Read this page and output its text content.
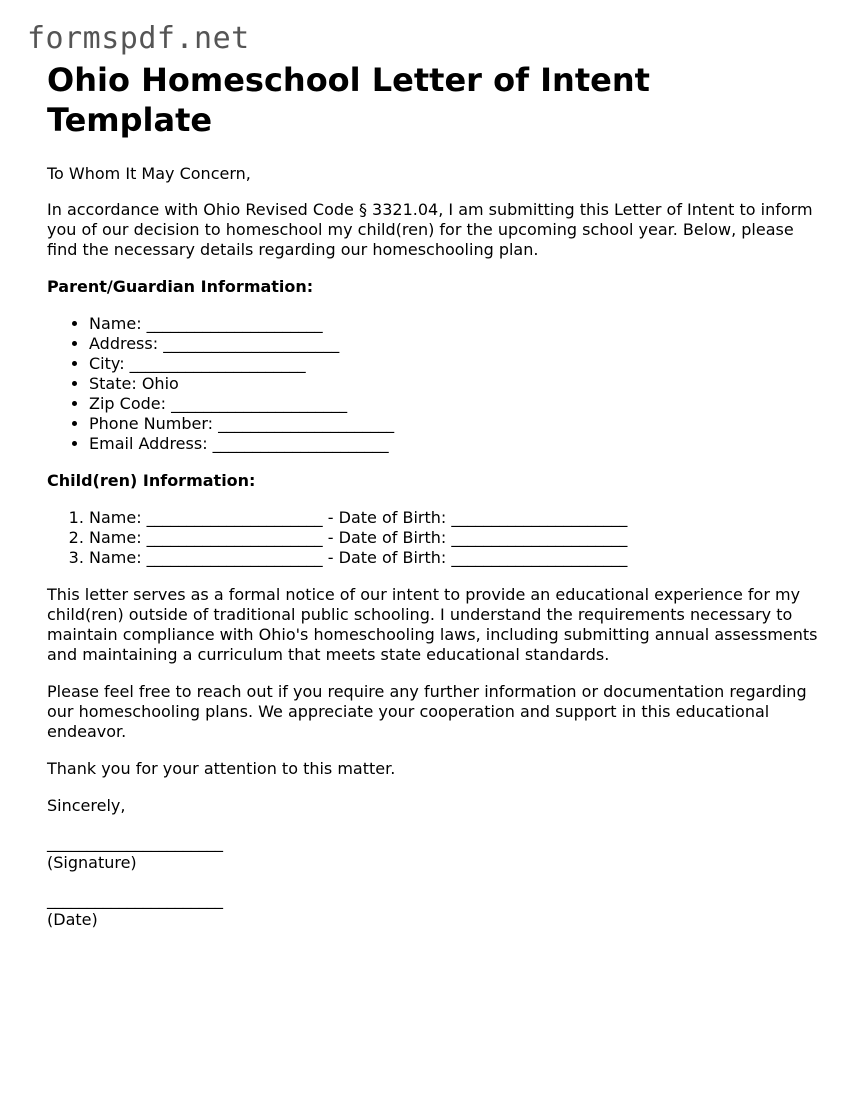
formspdf.net
Ohio Homeschool Letter of Intent Template

To Whom It May Concern,

In accordance with Ohio Revised Code § 3321.04, I am submitting this Letter of Intent to inform you of our decision to homeschool my child(ren) for the upcoming school year. Below, please find the necessary details regarding our homeschooling plan.

Parent/Guardian Information:

• Name: ______________________
• Address: ______________________
• City: ______________________
• State: Ohio
• Zip Code: ______________________
• Phone Number: ______________________
• Email Address: ______________________

Child(ren) Information:

1. Name: ______________________ - Date of Birth: ______________________
2. Name: ______________________ - Date of Birth: ______________________
3. Name: ______________________ - Date of Birth: ______________________

This letter serves as a formal notice of our intent to provide an educational experience for my child(ren) outside of traditional public schooling. I understand the requirements necessary to maintain compliance with Ohio's homeschooling laws, including submitting annual assessments and maintaining a curriculum that meets state educational standards.

Please feel free to reach out if you require any further information or documentation regarding our homeschooling plans. We appreciate your cooperation and support in this educational endeavor.

Thank you for your attention to this matter.

Sincerely,

______________________
(Signature)
______________________
(Date)
